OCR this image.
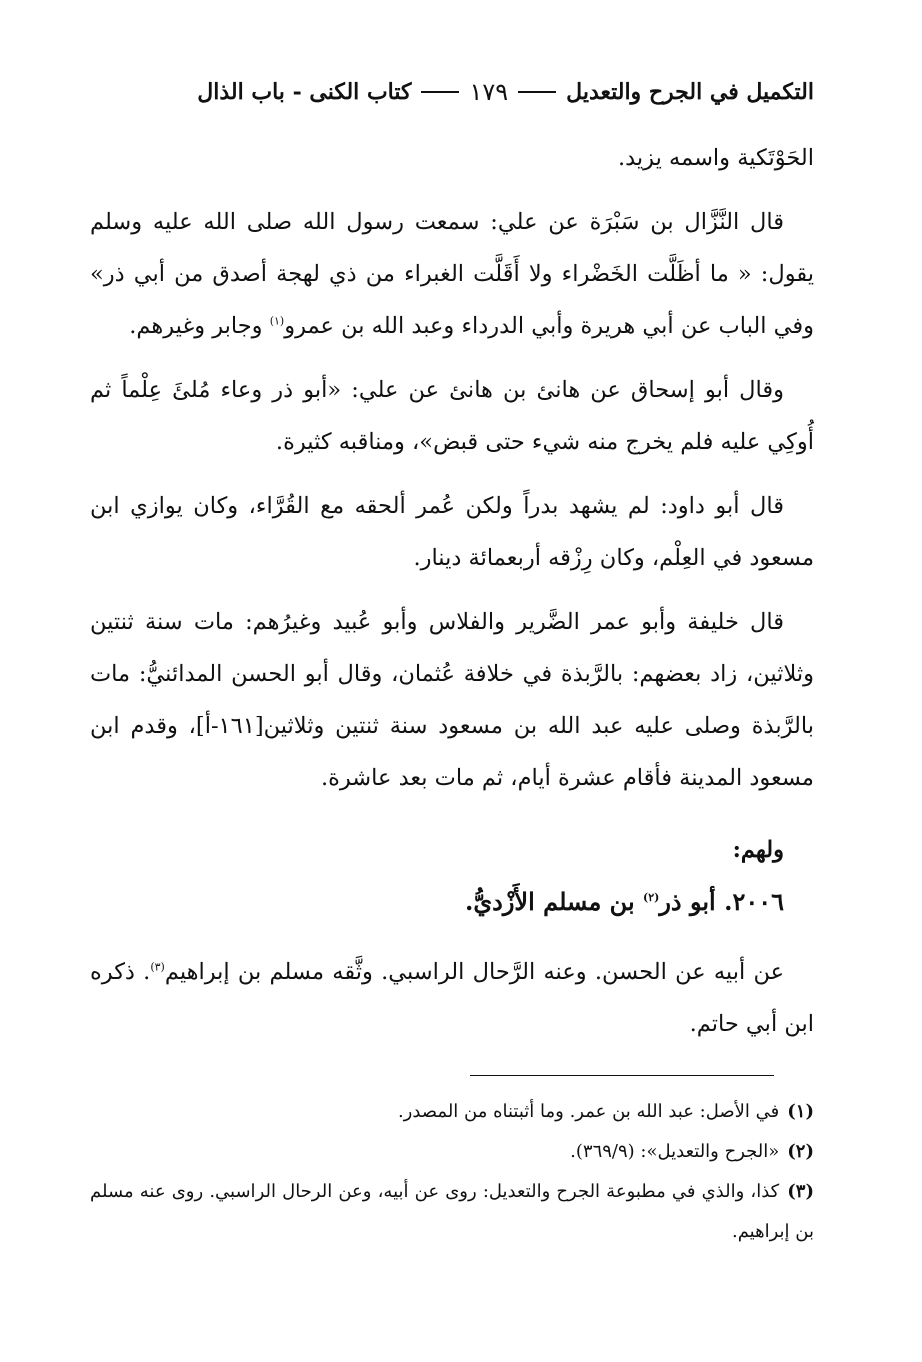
التكميل في الجرح والتعديل
١٧٩
كتاب الكنى - باب الذال

الحَوْتَكية واسمه يزيد.

قال النَّزَّال بن سَبْرَة عن علي: سمعت رسول الله صلى الله عليه وسلم يقول: « ما أظَلَّت الخَضْراء ولا أَقَلَّت الغبراء من ذي لهجة أصدق من أبي ذر» وفي الباب عن أبي هريرة وأبي الدرداء وعبد الله بن عمرو$^{(١)}$ وجابر وغيرهم.

وقال أبو إسحاق عن هانئ بن هانئ عن علي: «أبو ذر وعاء مُلئَ عِلْماً ثم أُوكِي عليه فلم يخرج منه شيء حتى قبض»، ومناقبه كثيرة.

قال أبو داود: لم يشهد بدراً ولكن عُمر ألحقه مع القُرَّاء، وكان يوازي ابن مسعود في العِلْم، وكان رِزْقه أربعمائة دينار.

قال خليفة وأبو عمر الضَّرير والفلاس وأبو عُبيد وغيرُهم: مات سنة ثنتين وثلاثين، زاد بعضهم: بالرَّبذة في خلافة عُثمان، وقال أبو الحسن المدائنيُّ: مات بالرَّبذة وصلى عليه عبد الله بن مسعود سنة ثنتين وثلاثين[١٦١-أ]، وقدم ابن مسعود المدينة فأقام عشرة أيام، ثم مات بعد عاشرة.

ولهم:

٢٠٠٦. أبو ذر$^{(٢)}$ بن مسلم الأَزْديُّ.

عن أبيه عن الحسن. وعنه الرَّحال الراسبي. وثَّقه مسلم بن إبراهيم$^{(٣)}$. ذكره ابن أبي حاتم.

(١)في الأصل: عبد الله بن عمر. وما أثبتناه من المصدر.

(٢)«الجرح والتعديل»: (٣٦٩/٩).

(٣)كذا، والذي في مطبوعة الجرح والتعديل: روى عن أبيه، وعن الرحال الراسبي. روى عنه مسلم بن إبراهيم.
